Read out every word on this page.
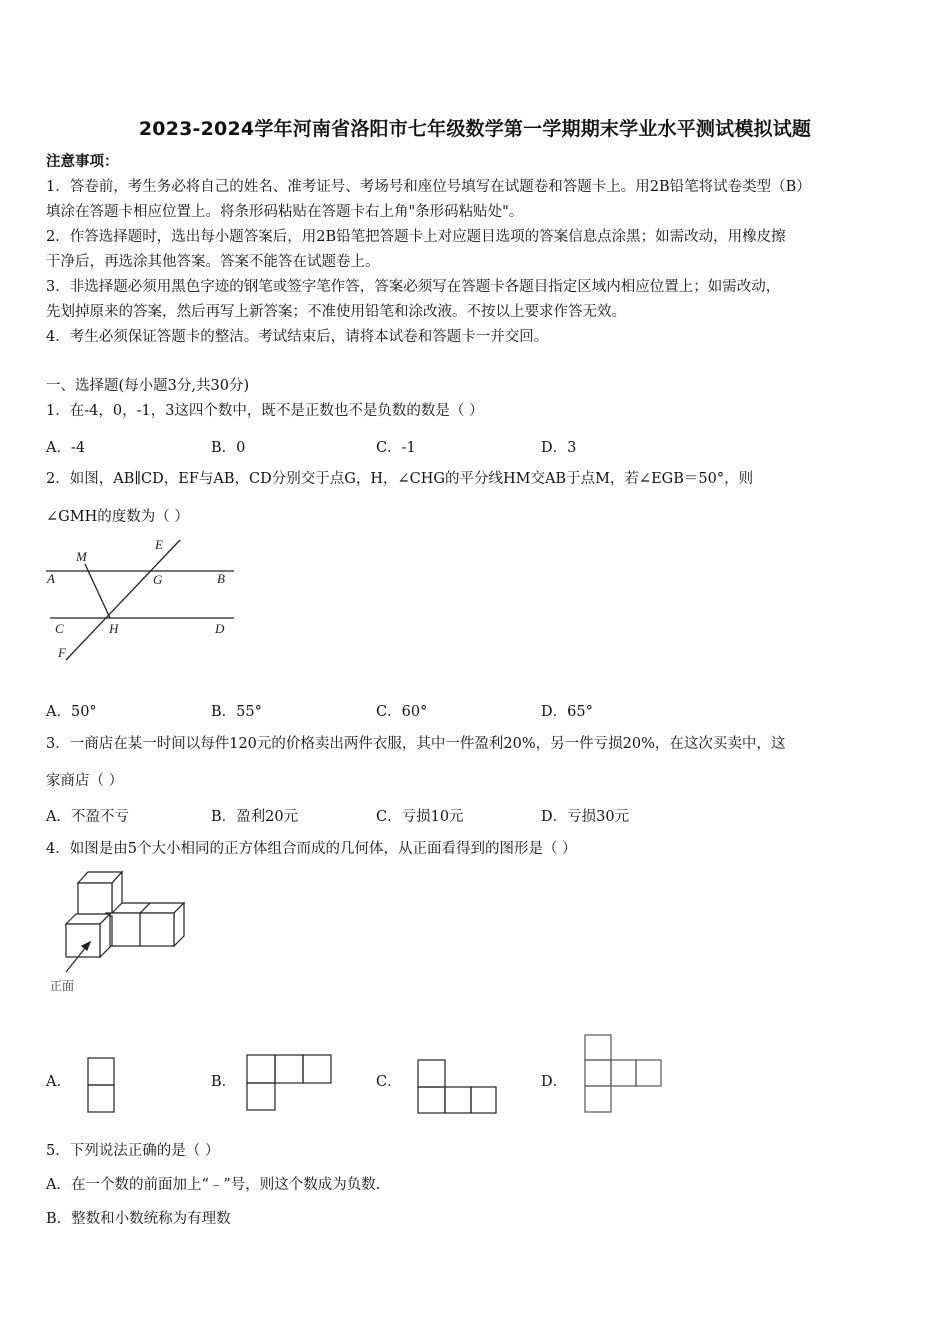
2023-2024学年河南省洛阳市七年级数学第一学期期末学业水平测试模拟试题
注意事项：
1．答卷前，考生务必将自己的姓名、准考证号、考场号和座位号填写在试题卷和答题卡上。用2B铅笔将试卷类型（B）
填涂在答题卡相应位置上。将条形码粘贴在答题卡右上角"条形码粘贴处"。
2．作答选择题时，选出每小题答案后，用2B铅笔把答题卡上对应题目选项的答案信息点涂黑；如需改动，用橡皮擦
干净后，再选涂其他答案。答案不能答在试题卷上。
3．非选择题必须用黑色字迹的钢笔或签字笔作答，答案必须写在答题卡各题目指定区域内相应位置上；如需改动，
先划掉原来的答案，然后再写上新答案；不准使用铅笔和涂改液。不按以上要求作答无效。
4．考生必须保证答题卡的整洁。考试结束后，请将本试卷和答题卡一并交回。
一、选择题(每小题3分,共30分)
1．在-4，0，-1，3这四个数中，既不是正数也不是负数的数是（ ）
A．-4	B．0	C．-1	D．3
2．如图，AB∥CD，EF与AB，CD分别交于点G，H，∠CHG的平分线HM交AB于点M，若∠EGB＝50°，则
∠GMH的度数为（ ）
M
E
A	G	B
C	H	D
F
A．50°	B．55°	C．60°	D．65°
3．一商店在某一时间以每件120元的价格卖出两件衣服，其中一件盈利20%，另一件亏损20%，在这次买卖中，这
家商店（ ）
A．不盈不亏	B．盈利20元	C．亏损10元	D．亏损30元
4．如图是由5个大小相同的正方体组合而成的几何体，从正面看得到的图形是（ ）
正面
A．	B．	C．	D．
5．下列说法正确的是（ ）
A．在一个数的前面加上“﹣”号，则这个数成为负数.
B．整数和小数统称为有理数
